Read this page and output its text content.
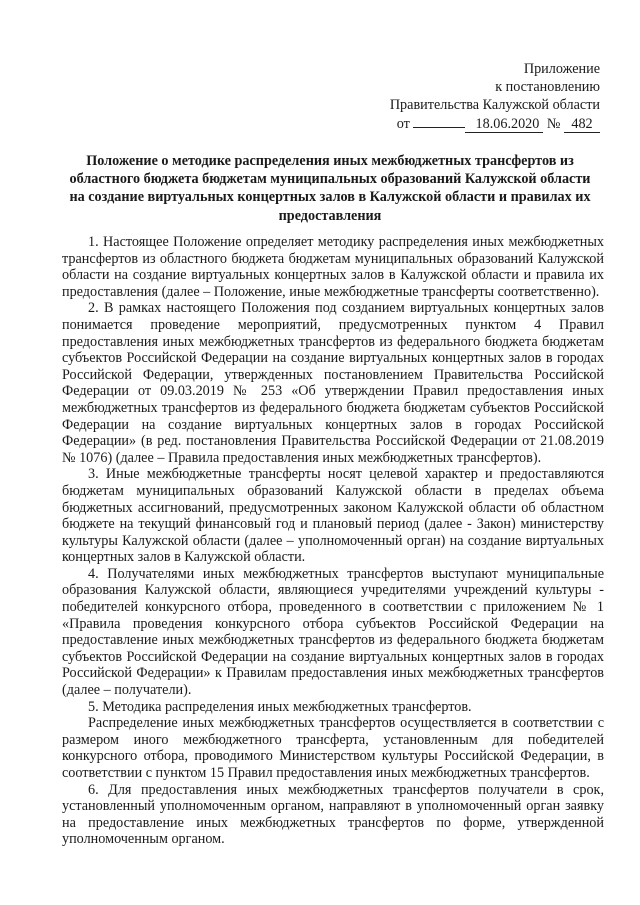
Приложение
к постановлению
Правительства Калужской области
от	18.06.2020 № 482
Положение о методике распределения иных межбюджетных трансфертов из областного бюджета бюджетам муниципальных образований Калужской области на создание виртуальных концертных залов в Калужской области и правилах их предоставления

1. Настоящее Положение определяет методику распределения иных межбюджетных трансфертов из областного бюджета бюджетам муниципальных образований Калужской области на создание виртуальных концертных залов в Калужской области и правила их предоставления (далее – Положение, иные межбюджетные трансферты соответственно).

2. В рамках настоящего Положения под созданием виртуальных концертных залов понимается проведение мероприятий, предусмотренных пунктом 4 Правил предоставления иных межбюджетных трансфертов из федерального бюджета бюджетам субъектов Российской Федерации на создание виртуальных концертных залов в городах Российской Федерации, утвержденных постановлением Правительства Российской Федерации от 09.03.2019 № 253 «Об утверждении Правил предоставления иных межбюджетных трансфертов из федерального бюджета бюджетам субъектов Российской Федерации на создание виртуальных концертных залов в городах Российской Федерации» (в ред. постановления Правительства Российской Федерации от 21.08.2019 № 1076) (далее – Правила предоставления иных межбюджетных трансфертов).

3. Иные межбюджетные трансферты носят целевой характер и предоставляются бюджетам муниципальных образований Калужской области в пределах объема бюджетных ассигнований, предусмотренных законом Калужской области об областном бюджете на текущий финансовый год и плановый период (далее - Закон) министерству культуры Калужской области (далее – уполномоченный орган) на создание виртуальных концертных залов в Калужской области.

4. Получателями иных межбюджетных трансфертов выступают муниципальные образования Калужской области, являющиеся учредителями учреждений культуры - победителей конкурсного отбора, проведенного в соответствии с приложением № 1 «Правила проведения конкурсного отбора субъектов Российской Федерации на предоставление иных межбюджетных трансфертов из федерального бюджета бюджетам субъектов Российской Федерации на создание виртуальных концертных залов в городах Российской Федерации» к Правилам предоставления иных межбюджетных трансфертов (далее – получатели).

5. Методика распределения иных межбюджетных трансфертов.

Распределение иных межбюджетных трансфертов осуществляется в соответствии с размером иного межбюджетного трансферта, установленным для победителей конкурсного отбора, проводимого Министерством культуры Российской Федерации, в соответствии с пунктом 15 Правил предоставления иных межбюджетных трансфертов.

6. Для предоставления иных межбюджетных трансфертов получатели в срок, установленный уполномоченным органом, направляют в уполномоченный орган заявку на предоставление иных межбюджетных трансфертов по форме, утвержденной уполномоченным органом.
